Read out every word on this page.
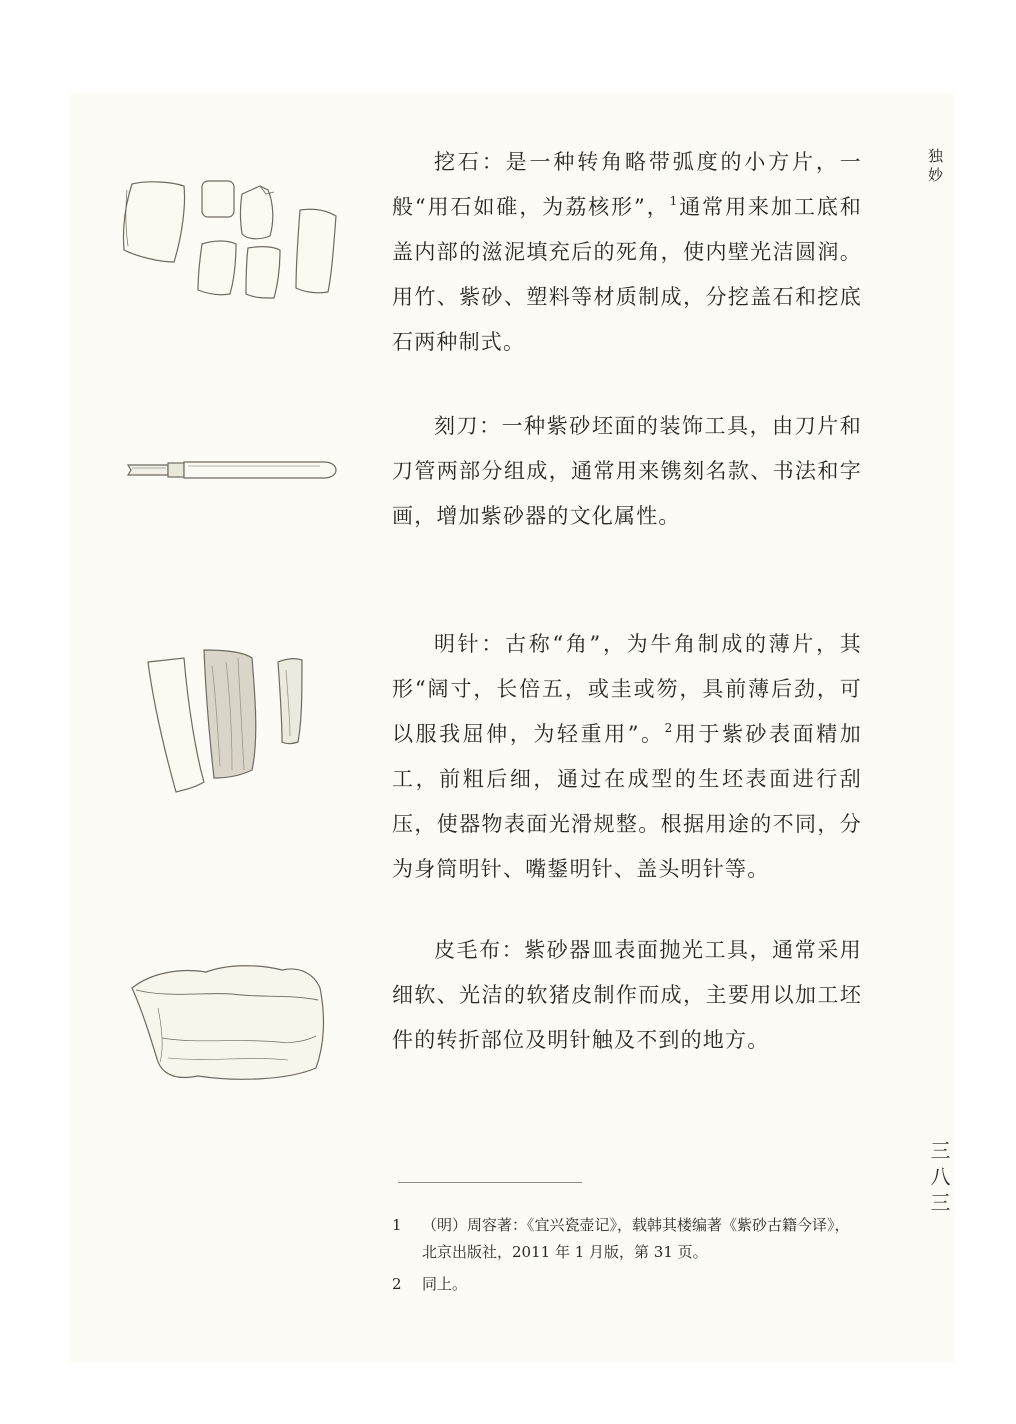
挖石：是一种转角略带弧度的小方片，一般“用石如碓，为荔核形”，$^1$通常用来加工底和盖内部的滋泥填充后的死角，使内壁光洁圆润。用竹、紫砂、塑料等材质制成，分挖盖石和挖底石两种制式。

刻刀：一种紫砂坯面的装饰工具，由刀片和刀管两部分组成，通常用来镌刻名款、书法和字画，增加紫砂器的文化属性。

明针：古称“角”，为牛角制成的薄片，其形“阔寸，长倍五，或圭或笏，具前薄后劲，可以服我屈伸，为轻重用”。$^2$用于紫砂表面精加工，前粗后细，通过在成型的生坯表面进行刮压，使器物表面光滑规整。根据用途的不同，分为身筒明针、嘴鋬明针、盖头明针等。

皮毛布：紫砂器皿表面抛光工具，通常采用细软、光洁的软猪皮制作而成，主要用以加工坯件的转折部位及明针触及不到的地方。

独妙
三八三
1	（明）周容著：《宜兴瓷壶记》，载韩其楼编著《紫砂古籍今译》，北京出版社，2011 年 1 月版，第 31 页。
2	同上。
